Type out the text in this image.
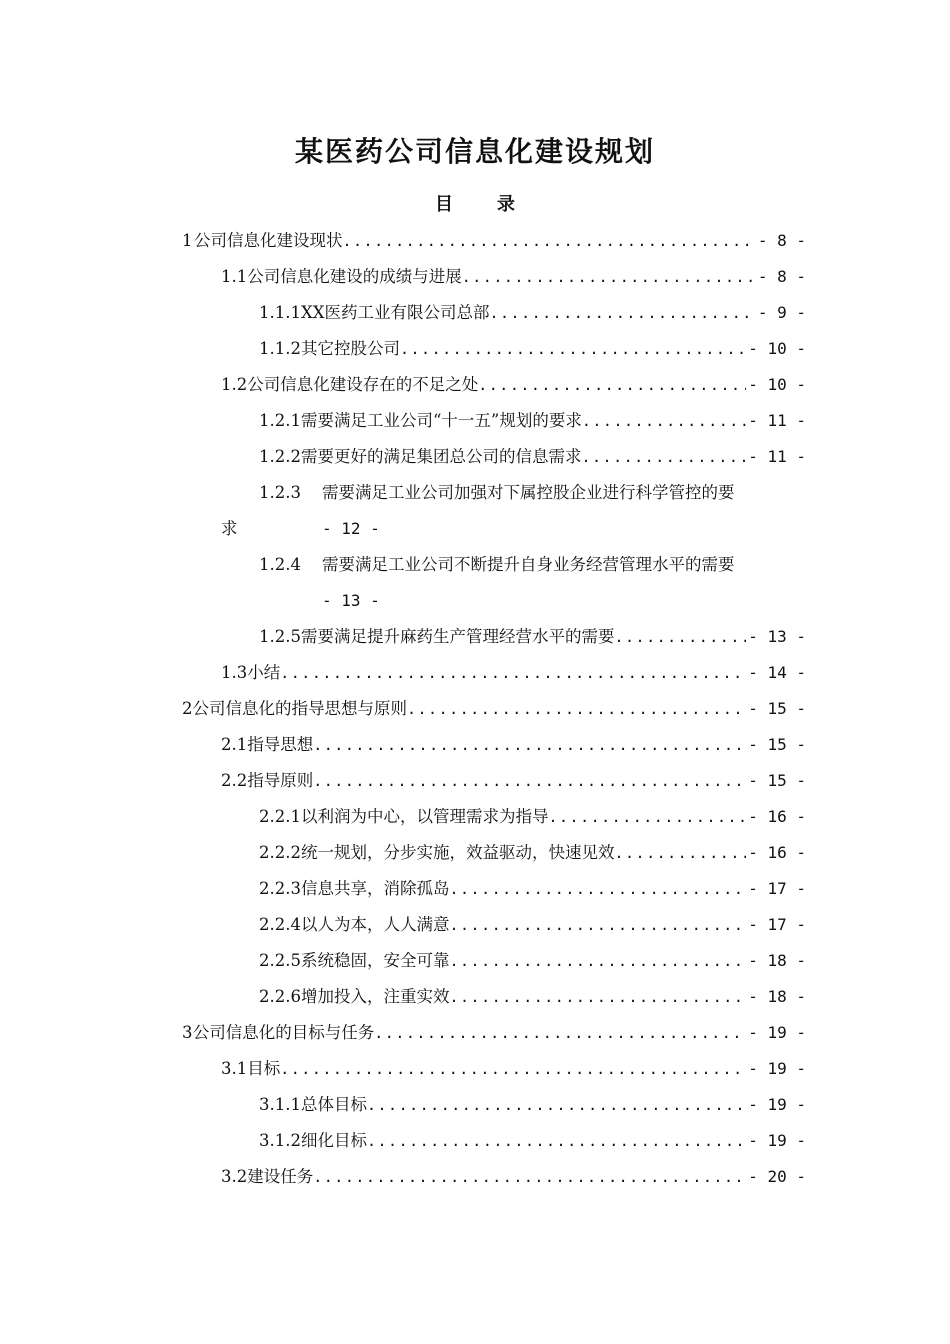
某医药公司信息化建设规划
目 录
1 公司信息化建设现状 .....	- 8 -
1.1 公司信息化建设的成绩与进展 .....	- 8 -
1.1.1 XX医药工业有限公司总部 .....	- 9 -
1.1.2 其它控股公司 .....	- 10 -
1.2 公司信息化建设存在的不足之处 .....	- 10 -
1.2.1 需要满足工业公司“十一五”规划的要求 .....	- 11 -
1.2.2 需要更好的满足集团总公司的信息需求 .....	- 11 -
1.2.3	需要满足工业公司加强对下属控股企业进行科学管控的要
求	- 12 -
1.2.4	需要满足工业公司不断提升自身业务经营管理水平的需要
- 13 -
1.2.5 需要满足提升麻药生产管理经营水平的需要 .....	- 13 -
1.3 小结 .....	- 14 -
2 公司信息化的指导思想与原则 .....	- 15 -
2.1 指导思想 .....	- 15 -
2.2 指导原则 .....	- 15 -
2.2.1 以利润为中心，以管理需求为指导 .....	- 16 -
2.2.2 统一规划，分步实施，效益驱动，快速见效 .....	- 16 -
2.2.3 信息共享，消除孤岛 .....	- 17 -
2.2.4 以人为本，人人满意 .....	- 17 -
2.2.5 系统稳固，安全可靠 .....	- 18 -
2.2.6 增加投入，注重实效 .....	- 18 -
3 公司信息化的目标与任务 .....	- 19 -
3.1 目标 .....	- 19 -
3.1.1 总体目标 .....	- 19 -
3.1.2 细化目标 .....	- 19 -
3.2 建设任务 .....	- 20 -
